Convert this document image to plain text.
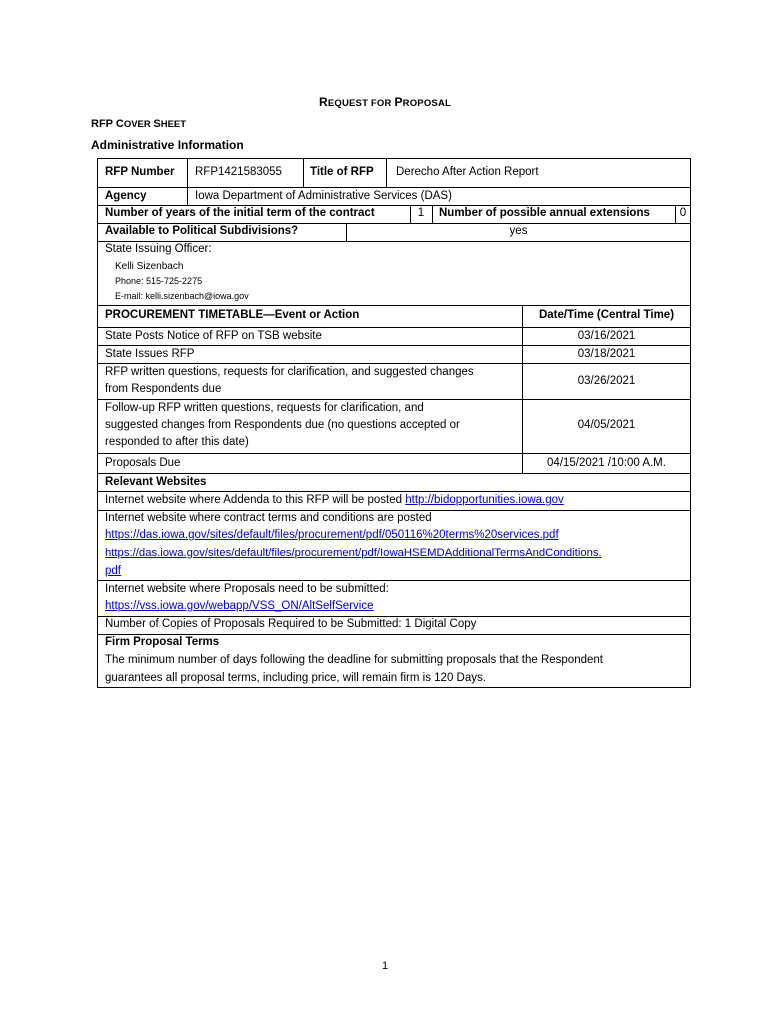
REQUEST FOR PROPOSAL
RFP COVER SHEET
Administrative Information
RFP Number RFP1421583055 Title of RFP Derecho After Action Report
Agency	Iowa Department of Administrative Services (DAS)
Number of years of the initial term of the contract	1	Number of possible annual extensions	0
Available to Political Subdivisions?	yes
State Issuing Officer:
Kelli Sizenbach
Phone: 515-725-2275
E-mail: kelli.sizenbach@iowa.gov
PROCUREMENT TIMETABLE—Event or Action	Date/Time (Central Time)
State Posts Notice of RFP on TSB website	03/16/2021
State Issues RFP	03/18/2021
RFP written questions, requests for clarification, and suggested changes
from Respondents due
03/26/2021
Follow-up RFP written questions, requests for clarification, and
suggested changes from Respondents due (no questions accepted or
responded to after this date)
04/05/2021
Proposals Due	04/15/2021 /10:00 A.M.
Relevant Websites
Internet website where Addenda to this RFP will be posted http://bidopportunities.iowa.gov
Internet website where contract terms and conditions are posted
https://das.iowa.gov/sites/default/files/procurement/pdf/050116%20terms%20services.pdf
https://das.iowa.gov/sites/default/files/procurement/pdf/IowaHSEMDAdditionalTermsAndConditions.
pdf
Internet website where Proposals need to be submitted:
https://vss.iowa.gov/webapp/VSS_ON/AltSelfService
Number of Copies of Proposals Required to be Submitted: 1 Digital Copy
Firm Proposal Terms
The minimum number of days following the deadline for submitting proposals that the Respondent
guarantees all proposal terms, including price, will remain firm is 120 Days.
1
